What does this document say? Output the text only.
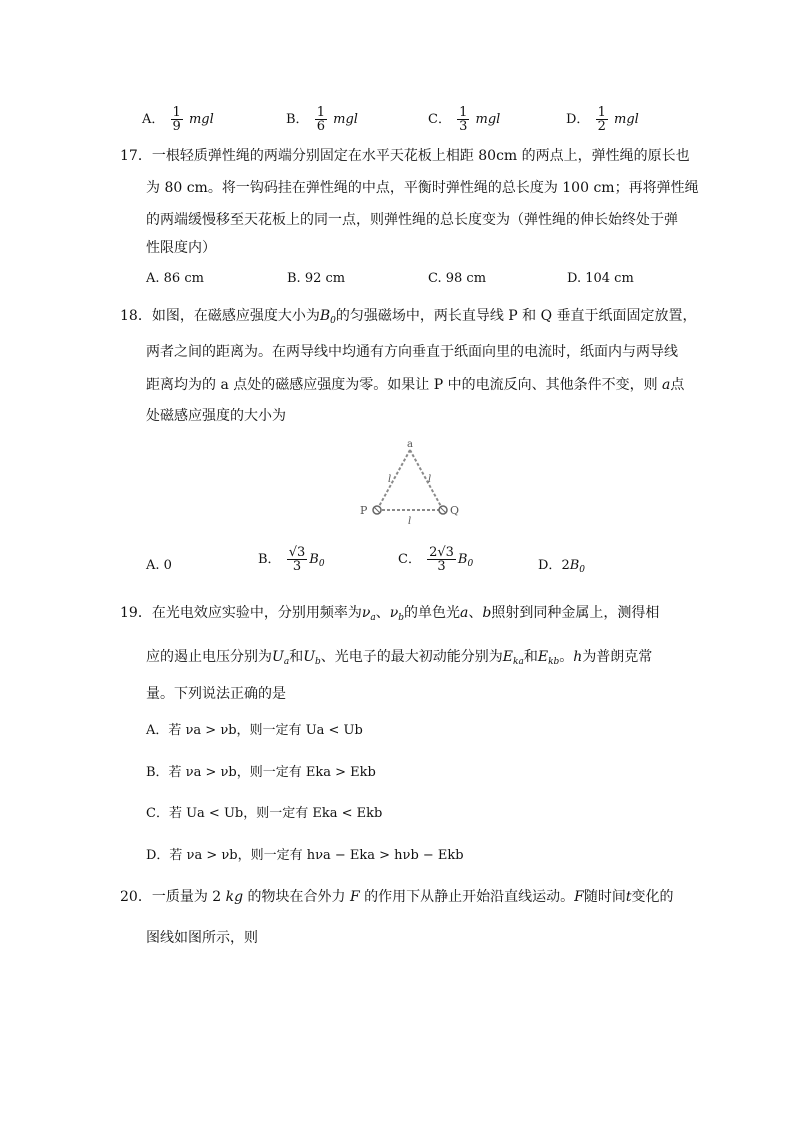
A． $\frac{1}{9}$ mgl	B． $\frac{1}{6}$ mgl	C． $\frac{1}{3}$ mgl	D． $\frac{1}{2}$ mgl
17．一根轻质弹性绳的两端分别固定在水平天花板上相距 80cm 的两点上，弹性绳的原长也
为 80 cm。将一钩码挂在弹性绳的中点，平衡时弹性绳的总长度为 100 cm；再将弹性绳
的两端缓慢移至天花板上的同一点，则弹性绳的总长度变为（弹性绳的伸长始终处于弹
性限度内）
A. 86 cm	B. 92 cm	C. 98 cm	D. 104 cm
18．如图，在磁感应强度大小为$B_0$的匀强磁场中，两长直导线 P 和 Q 垂直于纸面固定放置，
两者之间的距离为。在两导线中均通有方向垂直于纸面向里的电流时，纸面内与两导线
距离均为的 a 点处的磁感应强度为零。如果让 P 中的电流反向、其他条件不变，则 a点
处磁感应强度的大小为
a
P	Q
l	l
l
A. 0	B． $\frac{√3}{3} B_0$	C． $\frac{2√3}{3} B_0$	D．$2B_0$
19．在光电效应实验中，分别用频率为$\nu_a$、$\nu_b$的单色光a、b照射到同种金属上，测得相
应的遏止电压分别为$U_a$和$U_b$、光电子的最大初动能分别为$E_{ka}$和$E_{kb}$。h为普朗克常
量。下列说法正确的是
A．若 νa > νb，则一定有 Ua < Ub
B．若 νa > νb，则一定有 Eka > Ekb
C．若 Ua < Ub，则一定有 Eka < Ekb
D．若 νa > νb，则一定有 hνa − Eka > hνb − Ekb
20．一质量为 2 kg 的物块在合外力 F 的作用下从静止开始沿直线运动。F随时间t变化的
图线如图所示，则
